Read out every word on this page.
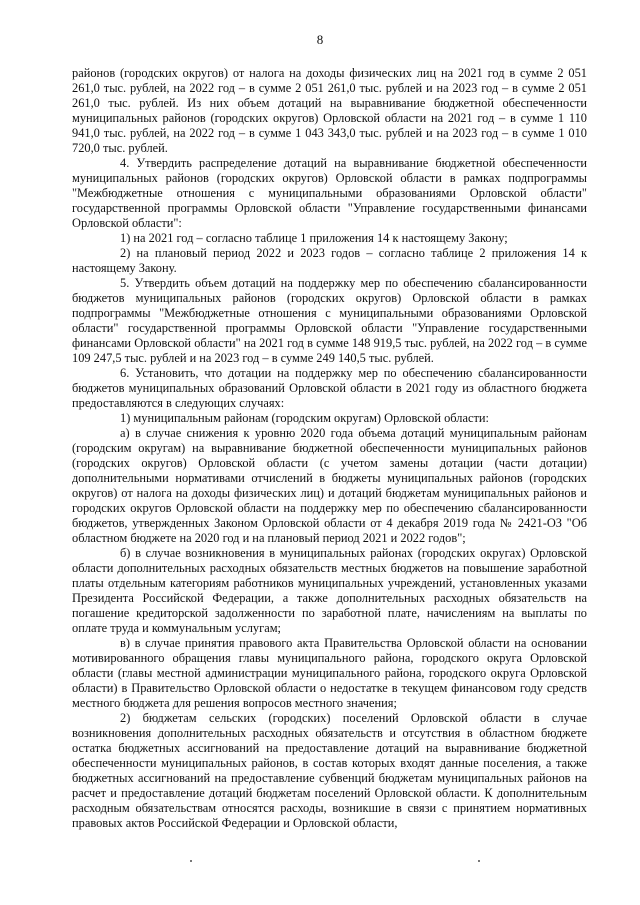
8

районов (городских округов) от налога на доходы физических лиц на 2021 год в сумме 2 051 261,0 тыс. рублей, на 2022 год – в сумме 2 051 261,0 тыс. рублей и на 2023 год – в сумме 2 051 261,0 тыс. рублей. Из них объем дотаций на выравнивание бюджетной обеспеченности муниципальных районов (городских округов) Орловской области на 2021 год – в сумме 1 110 941,0 тыс. рублей, на 2022 год – в сумме 1 043 343,0 тыс. рублей и на 2023 год – в сумме 1 010 720,0 тыс. рублей.

4. Утвердить распределение дотаций на выравнивание бюджетной обеспеченности муниципальных районов (городских округов) Орловской области в рамках подпрограммы "Межбюджетные отношения с муниципальными образованиями Орловской области" государственной программы Орловской области "Управление государственными финансами Орловской области":

1) на 2021 год – согласно таблице 1 приложения 14 к настоящему Закону;

2) на плановый период 2022 и 2023 годов – согласно таблице 2 приложения 14 к настоящему Закону.

5. Утвердить объем дотаций на поддержку мер по обеспечению сбалансированности бюджетов муниципальных районов (городских округов) Орловской области в рамках подпрограммы "Межбюджетные отношения с муниципальными образованиями Орловской области" государственной программы Орловской области "Управление государственными финансами Орловской области" на 2021 год в сумме 148 919,5 тыс. рублей, на 2022 год – в сумме 109 247,5 тыс. рублей и на 2023 год – в сумме 249 140,5 тыс. рублей.

6. Установить, что дотации на поддержку мер по обеспечению сбалансированности бюджетов муниципальных образований Орловской области в 2021 году из областного бюджета предоставляются в следующих случаях:

1) муниципальным районам (городским округам) Орловской области:

а) в случае снижения к уровню 2020 года объема дотаций муниципальным районам (городским округам) на выравнивание бюджетной обеспеченности муниципальных районов (городских округов) Орловской области (с учетом замены дотации (части дотации) дополнительными нормативами отчислений в бюджеты муниципальных районов (городских округов) от налога на доходы физических лиц) и дотаций бюджетам муниципальных районов и городских округов Орловской области на поддержку мер по обеспечению сбалансированности бюджетов, утвержденных Законом Орловской области от 4 декабря 2019 года № 2421-ОЗ "Об областном бюджете на 2020 год и на плановый период 2021 и 2022 годов";

б) в случае возникновения в муниципальных районах (городских округах) Орловской области дополнительных расходных обязательств местных бюджетов на повышение заработной платы отдельным категориям работников муниципальных учреждений, установленных указами Президента Российской Федерации, а также дополнительных расходных обязательств на погашение кредиторской задолженности по заработной плате, начислениям на выплаты по оплате труда и коммунальным услугам;

в) в случае принятия правового акта Правительства Орловской области на основании мотивированного обращения главы муниципального района, городского округа Орловской области (главы местной администрации муниципального района, городского округа Орловской области) в Правительство Орловской области о недостатке в текущем финансовом году средств местного бюджета для решения вопросов местного значения;

2) бюджетам сельских (городских) поселений Орловской области в случае возникновения дополнительных расходных обязательств и отсутствия в областном бюджете остатка бюджетных ассигнований на предоставление дотаций на выравнивание бюджетной обеспеченности муниципальных районов, в состав которых входят данные поселения, а также бюджетных ассигнований на предоставление субвенций бюджетам муниципальных районов на расчет и предоставление дотаций бюджетам поселений Орловской области. К дополнительным расходным обязательствам относятся расходы, возникшие в связи с принятием нормативных правовых актов Российской Федерации и Орловской области,
